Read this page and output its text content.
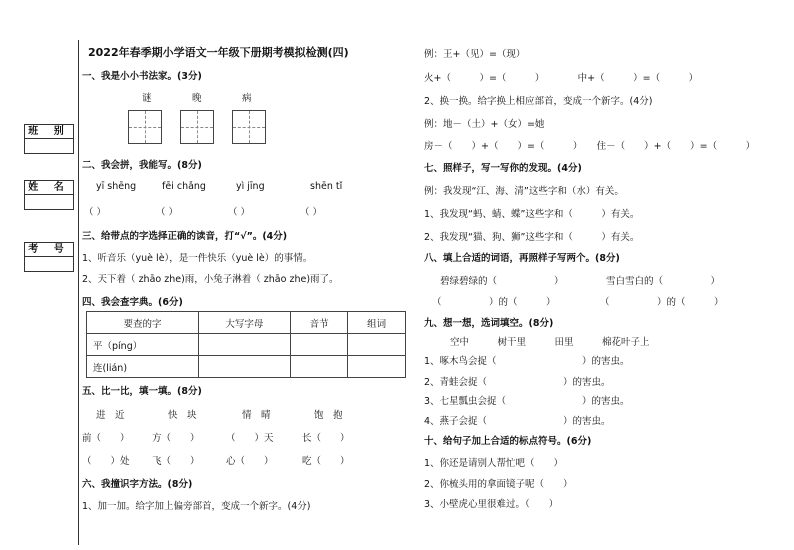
班 别
姓 名
考 号
2022年春季期小学语文一年级下册期考模拟检测(四)
一、我是小小书法家。(3分)
谜	晚	病
二、我会拼，我能写。(8分)
yī shēng	fēi chǎng	yì jīng	shēn tǐ
（ ）	（ ）	（ ）	（ ）
三、给带点的字选择正确的读音，打“√”。(4分)
1、听音乐（yuè lè），是一件快乐（yuè lè）的事情。
2、天下着（ zhāo zhe)雨，小兔子淋着（ zhāo zhe)雨了。
四、我会查字典。(6分)
要查的字	大写字母	音节	组词
平（píng）			
连(lián)			
五、比一比，填一填。(8分)
进　近	快　块	情　晴	饱　抱
前（　　） 方（　　）	（　　）天	长（　　）
（　　）处 飞（　　）	心（　　）	吃（　　）
六、我撞识字方法。(8分)
1、加一加。给字加上偏旁部首，变成一个新字。(4分)
例：王+（见）=（现）
火+（　　　）=（　　　）　　　　中+（　　　）=（　　　）
2、换一换。给字换上相应部首，变成一个新字。(4分)
例：地－（土）+（女）=她
房－（　　）+（　　）=（　　　）　　住－（　　）+（　　）=（　　　）
七、照样子，写一写你的发现。(4分)
例：我发现“江、海、清”这些字和（水）有关。
1、我发现“蚂、蜻、蝶”这些字和（　　　）有关。
2、我发现“猫、狗、狮”这些字和（　　　）有关。
八、填上合适的词语，再照样子写两个。(8分)
碧绿碧绿的（　　　　　　）	雪白雪白的（　　　　　）
（　　　　　）的（　　　）	（　　　　　）的（　　　）
九、想一想，选词填空。(8分)
空中　　　树干里　　　田里　　　棉花叶子上
1、啄木鸟会捉（　　　　　　　　　）的害虫。
2、青蛙会捉（　　　　　　　　）的害虫。
3、七星瓢虫会捉（　　　　　　　　）的害虫。
4、燕子会捉（　　　　　　　　）的害虫。
十、给句子加上合适的标点符号。(6分)
1、你还是请别人帮忙吧（　　）
2、你梳头用的拿面镜子呢（　　）
3、小壁虎心里很难过。（　　）
